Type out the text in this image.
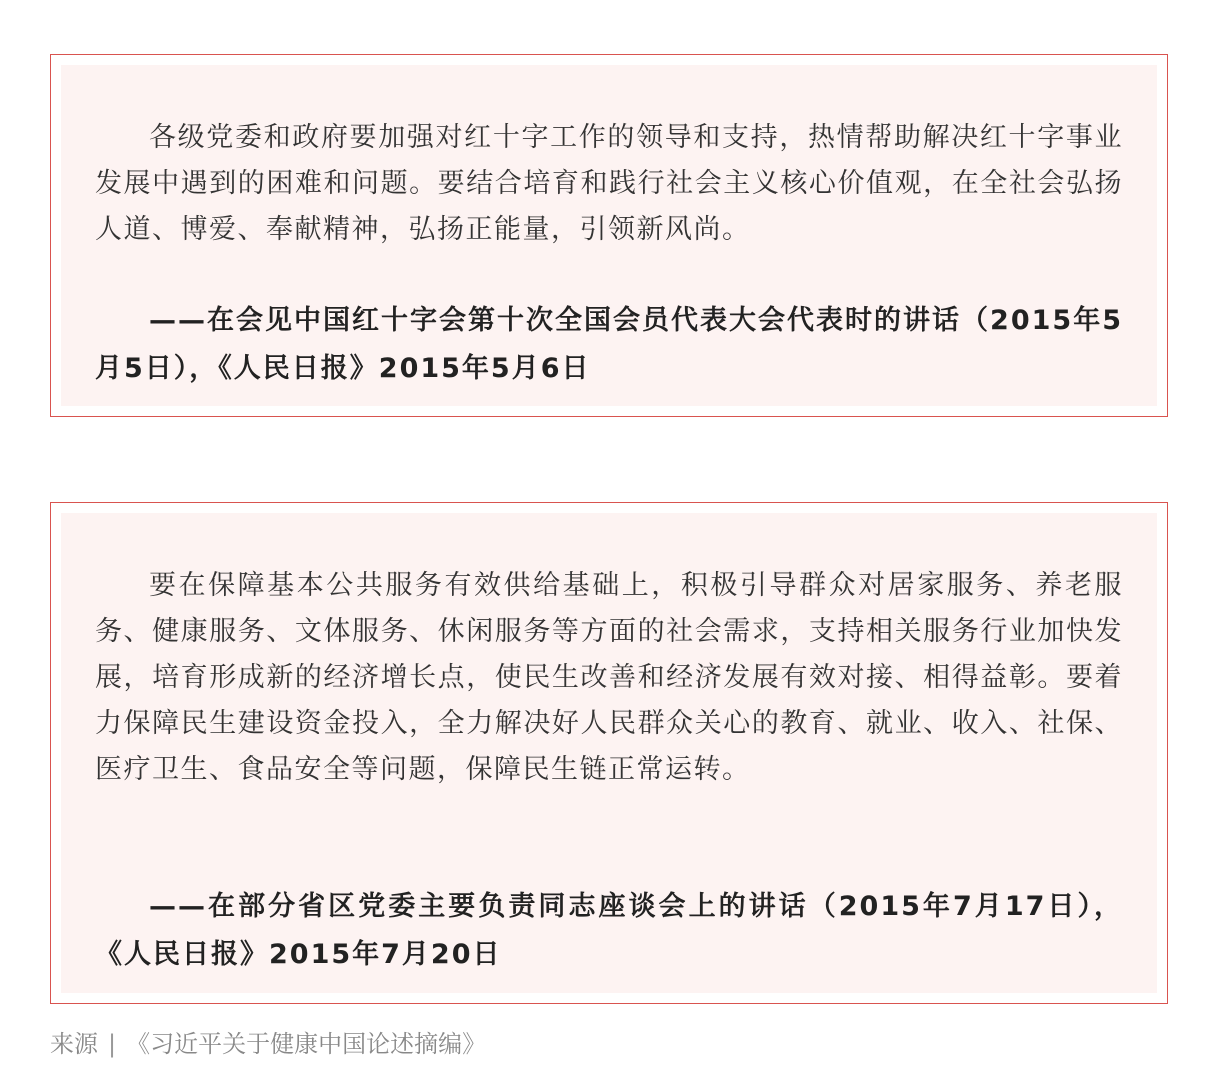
各级党委和政府要加强对红十字工作的领导和支持，热情帮助解决红十字事业发展中遇到的困难和问题。要结合培育和践行社会主义核心价值观，在全社会弘扬人道、博爱、奉献精神，弘扬正能量，引领新风尚。

——在会见中国红十字会第十次全国会员代表大会代表时的讲话（2015年5月5日），《人民日报》2015年5月6日

要在保障基本公共服务有效供给基础上，积极引导群众对居家服务、养老服务、健康服务、文体服务、休闲服务等方面的社会需求，支持相关服务行业加快发展，培育形成新的经济增长点，使民生改善和经济发展有效对接、相得益彰。要着力保障民生建设资金投入，全力解决好人民群众关心的教育、就业、收入、社保、医疗卫生、食品安全等问题，保障民生链正常运转。

——在部分省区党委主要负责同志座谈会上的讲话（2015年7月17日），《人民日报》2015年7月20日

来源 | 《习近平关于健康中国论述摘编》
